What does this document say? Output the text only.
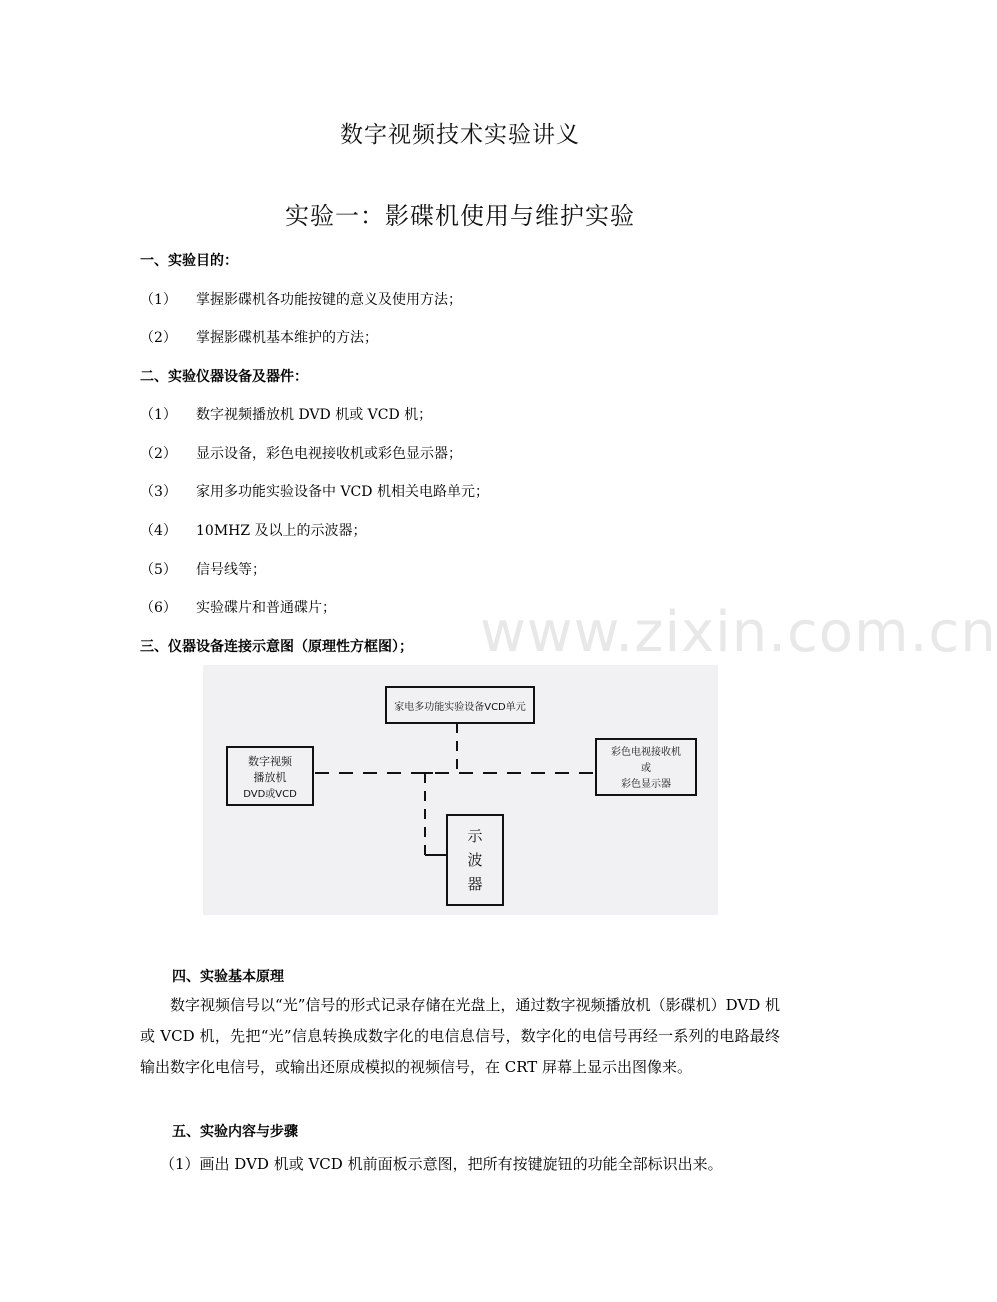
数字视频技术实验讲义
实验一：影碟机使用与维护实验
一、实验目的：
（1） 掌握影碟机各功能按键的意义及使用方法；
（2） 掌握影碟机基本维护的方法；
二、实验仪器设备及器件：
（1） 数字视频播放机 DVD 机或 VCD 机；
（2） 显示设备，彩色电视接收机或彩色显示器；
（3） 家用多功能实验设备中 VCD 机相关电路单元；
（4） 10MHZ 及以上的示波器；
（5） 信号线等；
（6） 实验碟片和普通碟片；
三、仪器设备连接示意图（原理性方框图）； www.zixin.com.cn
家电多功能实验设备VCD单元
数字视频
播放机
DVD或VCD
彩色电视接收机
或
彩色显示器
示
波
器
四、实验基本原理
数字视频信号以“光”信号的形式记录存储在光盘上，通过数字视频播放机（影碟机）DVD 机或 VCD 机，先把“光”信息转换成数字化的电信息信号，数字化的电信号再经一系列的电路最终输出数字化电信号，或输出还原成模拟的视频信号，在 CRT 屏幕上显示出图像来。
五、实验内容与步骤
（1）画出 DVD 机或 VCD 机前面板示意图，把所有按键旋钮的功能全部标识出来。
